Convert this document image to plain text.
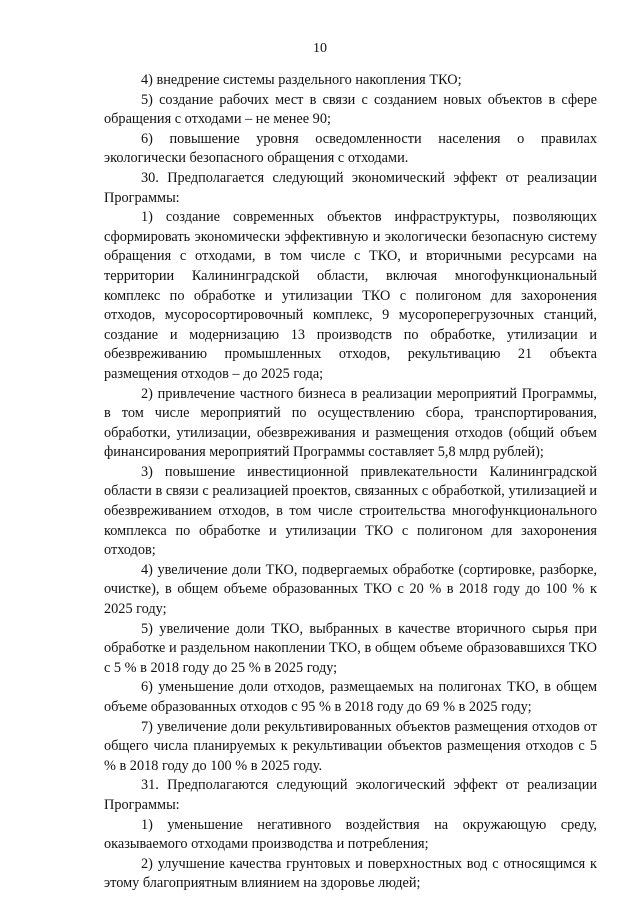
10

4) внедрение системы раздельного накопления ТКО;

5) создание рабочих мест в связи с созданием новых объектов в сфере обращения с отходами – не менее 90;

6) повышение уровня осведомленности населения о правилах экологически безопасного обращения с отходами.

30. Предполагается следующий экономический эффект от реализации Программы:

1) создание современных объектов инфраструктуры, позволяющих сформировать экономически эффективную и экологически безопасную систему обращения с отходами, в том числе с ТКО, и вторичными ресурсами на территории Калининградской области, включая многофункциональный комплекс по обработке и утилизации ТКО с полигоном для захоронения отходов, мусоросортировочный комплекс, 9 мусороперегрузочных станций, создание и модернизацию 13 производств по обработке, утилизации и обезвреживанию промышленных отходов, рекультивацию 21 объекта размещения отходов – до 2025 года;

2) привлечение частного бизнеса в реализации мероприятий Программы, в том числе мероприятий по осуществлению сбора, транспортирования, обработки, утилизации, обезвреживания и размещения отходов (общий объем финансирования мероприятий Программы составляет 5,8 млрд рублей);

3) повышение инвестиционной привлекательности Калининградской области в связи с реализацией проектов, связанных с обработкой, утилизацией и обезвреживанием отходов, в том числе строительства многофункционального комплекса по обработке и утилизации ТКО с полигоном для захоронения отходов;

4) увеличение доли ТКО, подвергаемых обработке (сортировке, разборке, очистке), в общем объеме образованных ТКО с 20 % в 2018 году до 100 % к 2025 году;

5) увеличение доли ТКО, выбранных в качестве вторичного сырья при обработке и раздельном накоплении ТКО, в общем объеме образовавшихся ТКО с 5 % в 2018 году до 25 % в 2025 году;

6) уменьшение доли отходов, размещаемых на полигонах ТКО, в общем объеме образованных отходов с 95 % в 2018 году до 69 % в 2025 году;

7) увеличение доли рекультивированных объектов размещения отходов от общего числа планируемых к рекультивации объектов размещения отходов с 5 % в 2018 году до 100 % в 2025 году.

31. Предполагаются следующий экологический эффект от реализации Программы:

1) уменьшение негативного воздействия на окружающую среду, оказываемого отходами производства и потребления;

2) улучшение качества грунтовых и поверхностных вод с относящимся к этому благоприятным влиянием на здоровье людей;
